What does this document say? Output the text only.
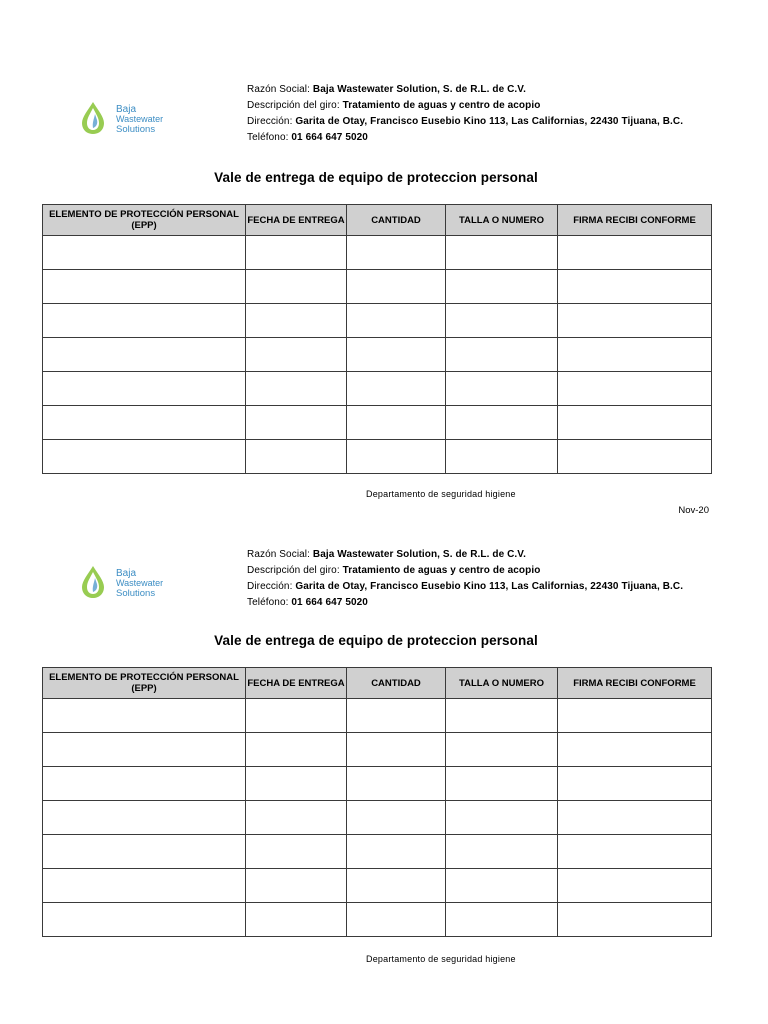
Baja
Wastewater
Solutions
Razón Social: Baja Wastewater Solution, S. de R.L. de C.V.
Descripción del giro: Tratamiento de aguas y centro de acopio
Dirección: Garita de Otay, Francisco Eusebio Kino 113, Las Californias, 22430 Tijuana, B.C.
Teléfono: 01 664 647 5020
Vale de entrega de equipo de proteccion personal
ELEMENTO DE PROTECCIÓN PERSONAL (EPP)	FECHA DE ENTREGA	CANTIDAD	TALLA O NUMERO	FIRMA RECIBI CONFORME

Departamento de seguridad higiene
Nov-20
Baja
Wastewater
Solutions
Razón Social: Baja Wastewater Solution, S. de R.L. de C.V.
Descripción del giro: Tratamiento de aguas y centro de acopio
Dirección: Garita de Otay, Francisco Eusebio Kino 113, Las Californias, 22430 Tijuana, B.C.
Teléfono: 01 664 647 5020
Vale de entrega de equipo de proteccion personal
ELEMENTO DE PROTECCIÓN PERSONAL (EPP)	FECHA DE ENTREGA	CANTIDAD	TALLA O NUMERO	FIRMA RECIBI CONFORME

Departamento de seguridad higiene
